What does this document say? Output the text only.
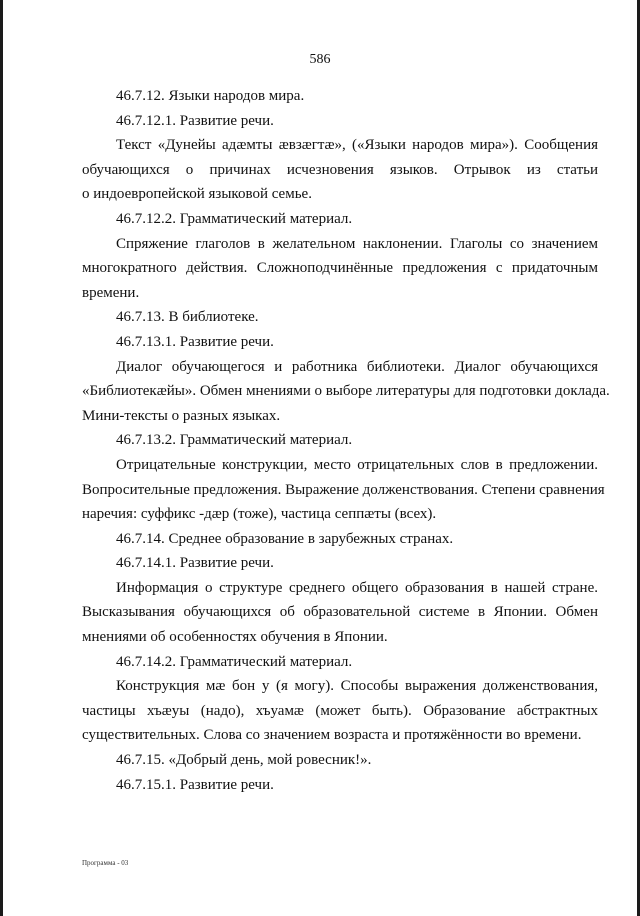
586

46.7.12. Языки народов мира.

46.7.12.1. Развитие речи.

Текст «Дунейы адæмты æвзæгтæ», («Языки народов мира»). Сообщения
обучающихся о причинах исчезновения языков. Отрывок из статьи
о индоевропейской языковой семье.

46.7.12.2. Грамматический материал.

Спряжение глаголов в желательном наклонении. Глаголы со значением
многократного действия. Сложноподчинённые предложения с придаточным
времени.

46.7.13. В библиотеке.

46.7.13.1. Развитие речи.

Диалог обучающегося и работника библиотеки. Диалог обучающихся
«Библиотекæйы». Обмен мнениями о выборе литературы для подготовки доклада.
Мини-тексты о разных языках.

46.7.13.2. Грамматический материал.

Отрицательные конструкции, место отрицательных слов в предложении.
Вопросительные предложения. Выражение долженствования. Степени сравнения
наречия: суффикс -дæр (тоже), частица сеппæты (всех).

46.7.14. Среднее образование в зарубежных странах.

46.7.14.1. Развитие речи.

Информация о структуре среднего общего образования в нашей стране.
Высказывания обучающихся об образовательной системе в Японии. Обмен
мнениями об особенностях обучения в Японии.

46.7.14.2. Грамматический материал.

Конструкция мæ бон у (я могу). Способы выражения долженствования,
частицы хъæуы (надо), хъуамæ (может быть). Образование абстрактных
существительных. Слова со значением возраста и протяжённости во времени.

46.7.15. «Добрый день, мой ровесник!».

46.7.15.1. Развитие речи.

Программа - 03
